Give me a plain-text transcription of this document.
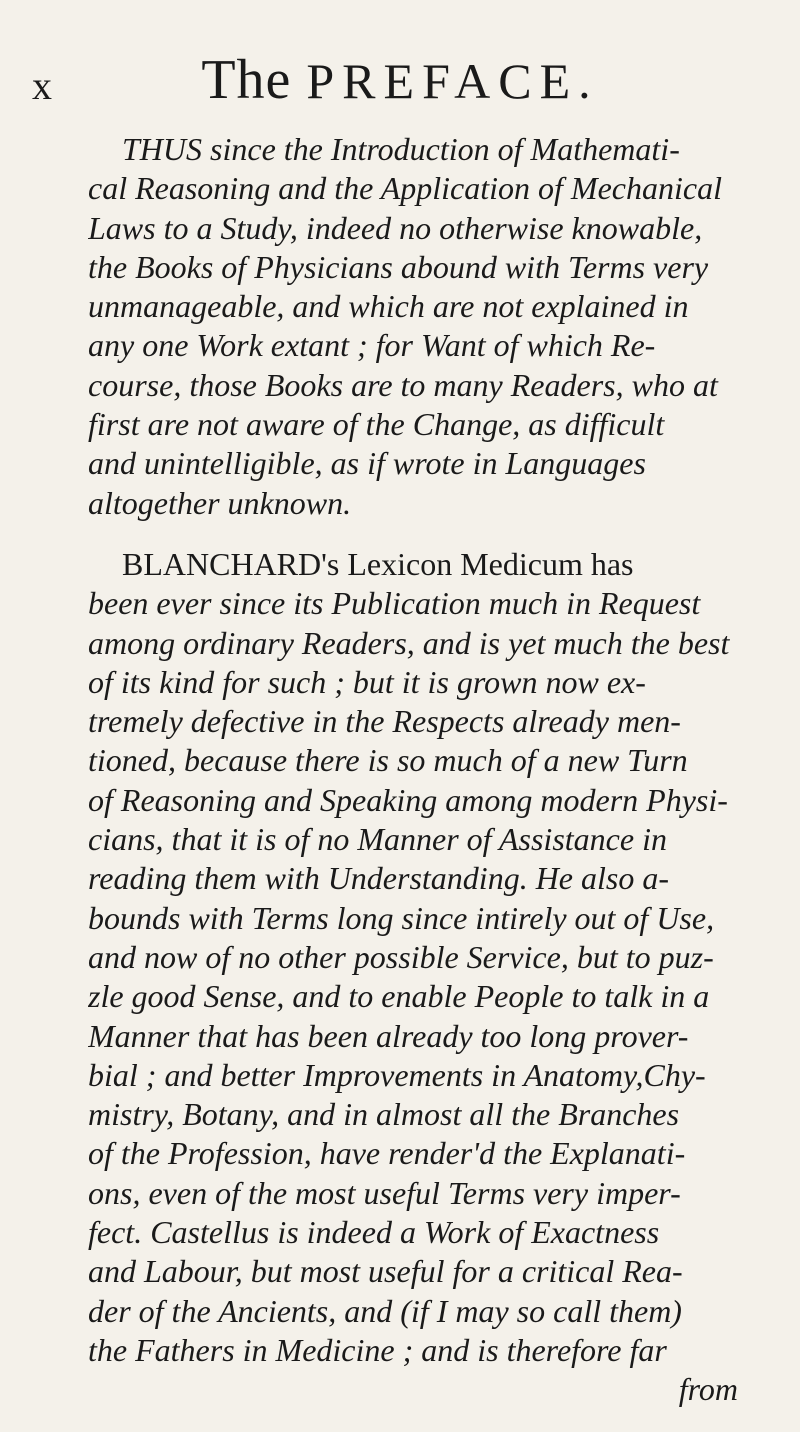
x	The PREFACE.
THUS since the Introduction of Mathemati-
cal Reasoning and the Application of Mechanical
Laws to a Study, indeed no otherwise knowable,
the Books of Physicians abound with Terms very
unmanageable, and which are not explained in
any one Work extant ; for Want of which Re-
course, those Books are to many Readers, who at
first are not aware of the Change, as difficult
and unintelligible, as if wrote in Languages
altogether unknown.
BLANCHARD's Lexicon Medicum has
been ever since its Publication much in Request
among ordinary Readers, and is yet much the best
of its kind for such ; but it is grown now ex-
tremely defective in the Respects already men-
tioned, because there is so much of a new Turn
of Reasoning and Speaking among modern Physi-
cians, that it is of no Manner of Assistance in
reading them with Understanding. He also a-
bounds with Terms long since intirely out of Use,
and now of no other possible Service, but to puz-
zle good Sense, and to enable People to talk in a
Manner that has been already too long prover-
bial ; and better Improvements in Anatomy,Chy-
mistry, Botany, and in almost all the Branches
of the Profession, have render'd the Explanati-
ons, even of the most useful Terms very imper-
fect. Castellus is indeed a Work of Exactness
and Labour, but most useful for a critical Rea-
der of the Ancients, and (if I may so call them)
the Fathers in Medicine ; and is therefore far
from
